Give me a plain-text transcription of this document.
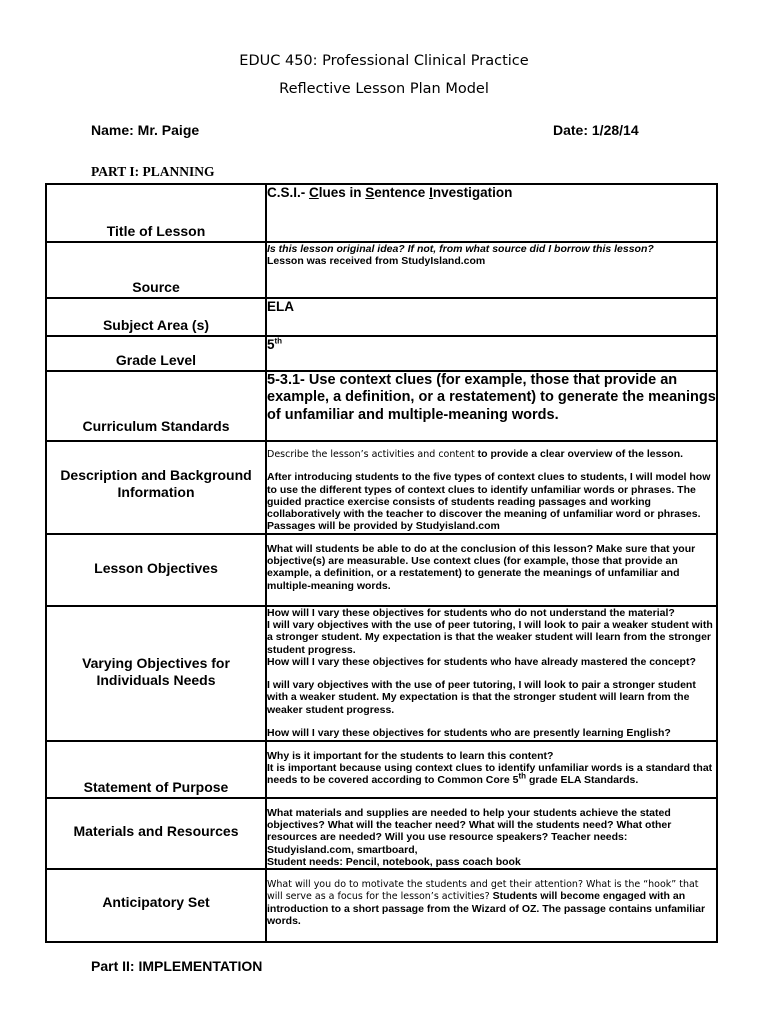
EDUC 450: Professional Clinical Practice
Reflective Lesson Plan Model
Name: Mr. Paige	Date: 1/28/14
PART I: PLANNING
Title of Lesson	C.S.I.- Clues in Sentence Investigation

Source	Is this lesson original idea? If not, from what source did I borrow this lesson?
Lesson was received from StudyIsland.com

Subject Area (s)	ELA

Grade Level	5th

Curriculum Standards	5-3.1- Use context clues (for example, those that provide an example, a definition, or a restatement) to generate the meanings of unfamiliar and multiple-meaning words.

Description and Background Information	Describe the lesson’s activities and content to provide a clear overview of the lesson.
After introducing students to the five types of context clues to students, I will model how to use the different types of context clues to identify unfamiliar words or phrases. The guided practice exercise consists of students reading passages and working collaboratively with the teacher to discover the meaning of unfamiliar word or phrases. Passages will be provided by Studyisland.com

Lesson Objectives	What will students be able to do at the conclusion of this lesson? Make sure that your objective(s) are measurable. Use context clues (for example, those that provide an example, a definition, or a restatement) to generate the meanings of unfamiliar and multiple-meaning words.

Varying Objectives for Individuals Needs	How will I vary these objectives for students who do not understand the material?
I will vary objectives with the use of peer tutoring, I will look to pair a weaker student with a stronger student. My expectation is that the weaker student will learn from the stronger student progress.
How will I vary these objectives for students who have already mastered the concept?
I will vary objectives with the use of peer tutoring, I will look to pair a stronger student with a weaker student. My expectation is that the stronger student will learn from the weaker student progress.
How will I vary these objectives for students who are presently learning English?

Statement of Purpose	Why is it important for the students to learn this content?
It is important because using context clues to identify unfamiliar words is a standard that needs to be covered according to Common Core 5th grade ELA Standards.

Materials and Resources	What materials and supplies are needed to help your students achieve the stated objectives? What will the teacher need? What will the students need? What other resources are needed? Will you use resource speakers? Teacher needs: Studyisland.com, smartboard,
Student needs: Pencil, notebook, pass coach book

Anticipatory Set	What will you do to motivate the students and get their attention? What is the “hook” that will serve as a focus for the lesson’s activities? Students will become engaged with an introduction to a short passage from the Wizard of OZ. The passage contains unfamiliar words.
Part II: IMPLEMENTATION
